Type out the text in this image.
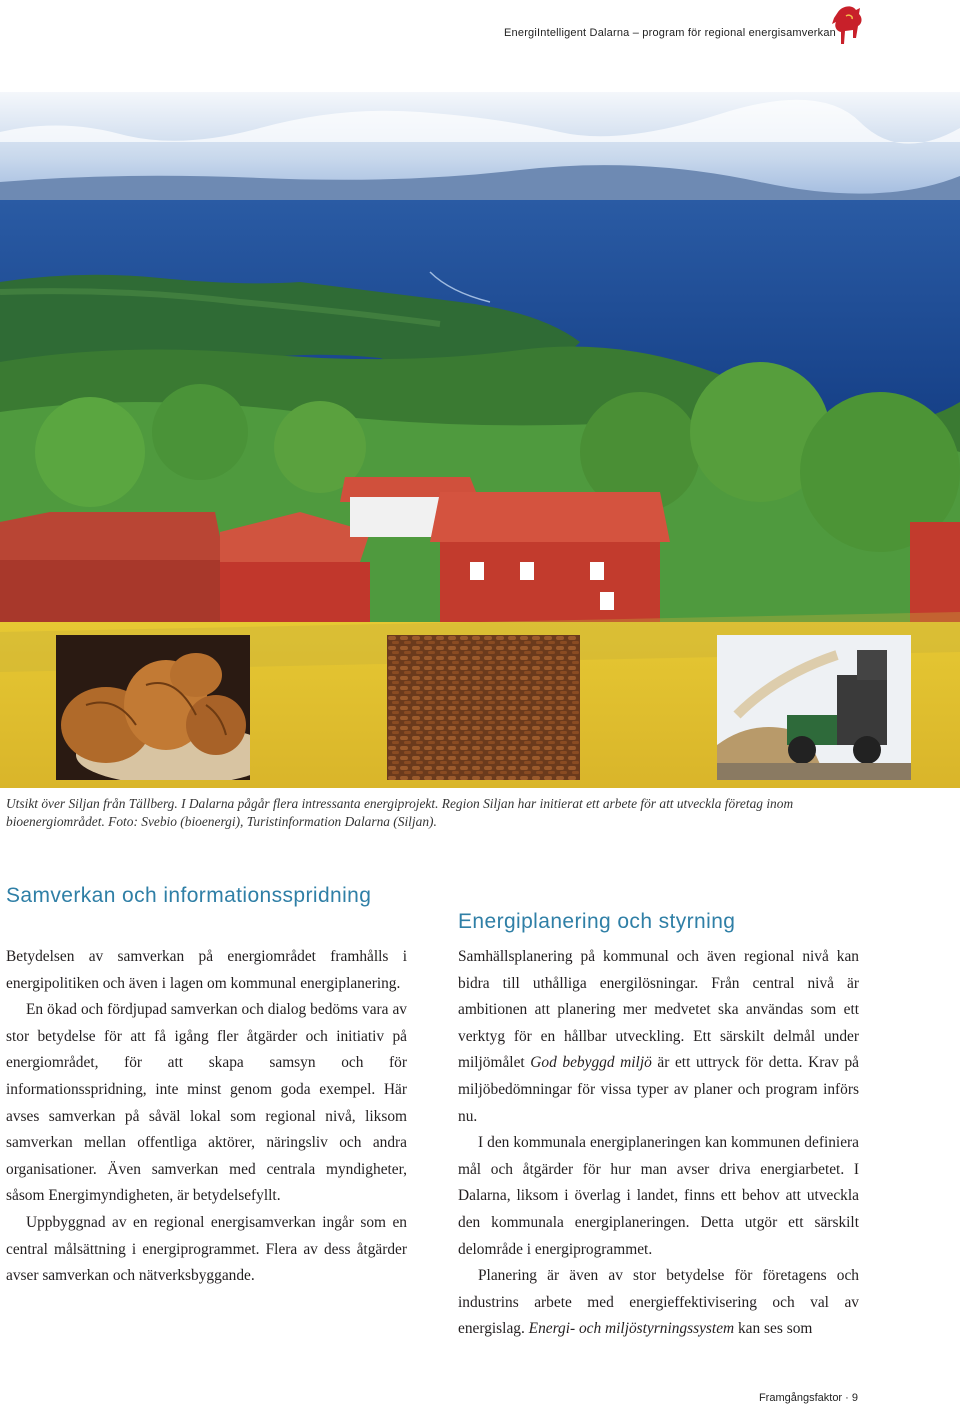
EnergiIntelligent Dalarna – program för regional energisamverkan
Utsikt över Siljan från Tällberg. I Dalarna pågår flera intressanta energiprojekt. Region Siljan har initierat ett arbete för att utveckla företag inom bioenergiområdet. Foto: Svebio (bioenergi), Turistinformation Dalarna (Siljan).
Samverkan och informationsspridning
Energiplanering och styrning

Betydelsen av samverkan på energiområdet framhålls i energipolitiken och även i lagen om kommunal energiplanering.

En ökad och fördjupad samverkan och dialog bedöms vara av stor betydelse för att få igång fler åtgärder och initiativ på energiområdet, för att skapa samsyn och för informationsspridning, inte minst genom goda exempel. Här avses samverkan på såväl lokal som regional nivå, liksom samverkan mellan offentliga aktörer, näringsliv och andra organisationer. Även samverkan med centrala myndigheter, såsom Energimyndigheten, är betydelsefyllt.

Uppbyggnad av en regional energisamverkan ingår som en central målsättning i energiprogrammet. Flera av dess åtgärder avser samverkan och nätverksbyggande.

Samhällsplanering på kommunal och även regional nivå kan bidra till uthålliga energilösningar. Från central nivå är ambitionen att planering mer medvetet ska användas som ett verktyg för en hållbar utveckling. Ett särskilt delmål under miljömålet God bebyggd miljö är ett uttryck för detta. Krav på miljöbedömningar för vissa typer av planer och program införs nu.

I den kommunala energiplaneringen kan kommunen definiera mål och åtgärder för hur man avser driva energiarbetet. I Dalarna, liksom i överlag i landet, finns ett behov att utveckla den kommunala energiplaneringen. Detta utgör ett särskilt delområde i energiprogrammet.

Planering är även av stor betydelse för företagens och industrins arbete med energieffektivisering och val av energislag. Energi- och miljöstyrningssystem kan ses som

Framgångsfaktor · 9
